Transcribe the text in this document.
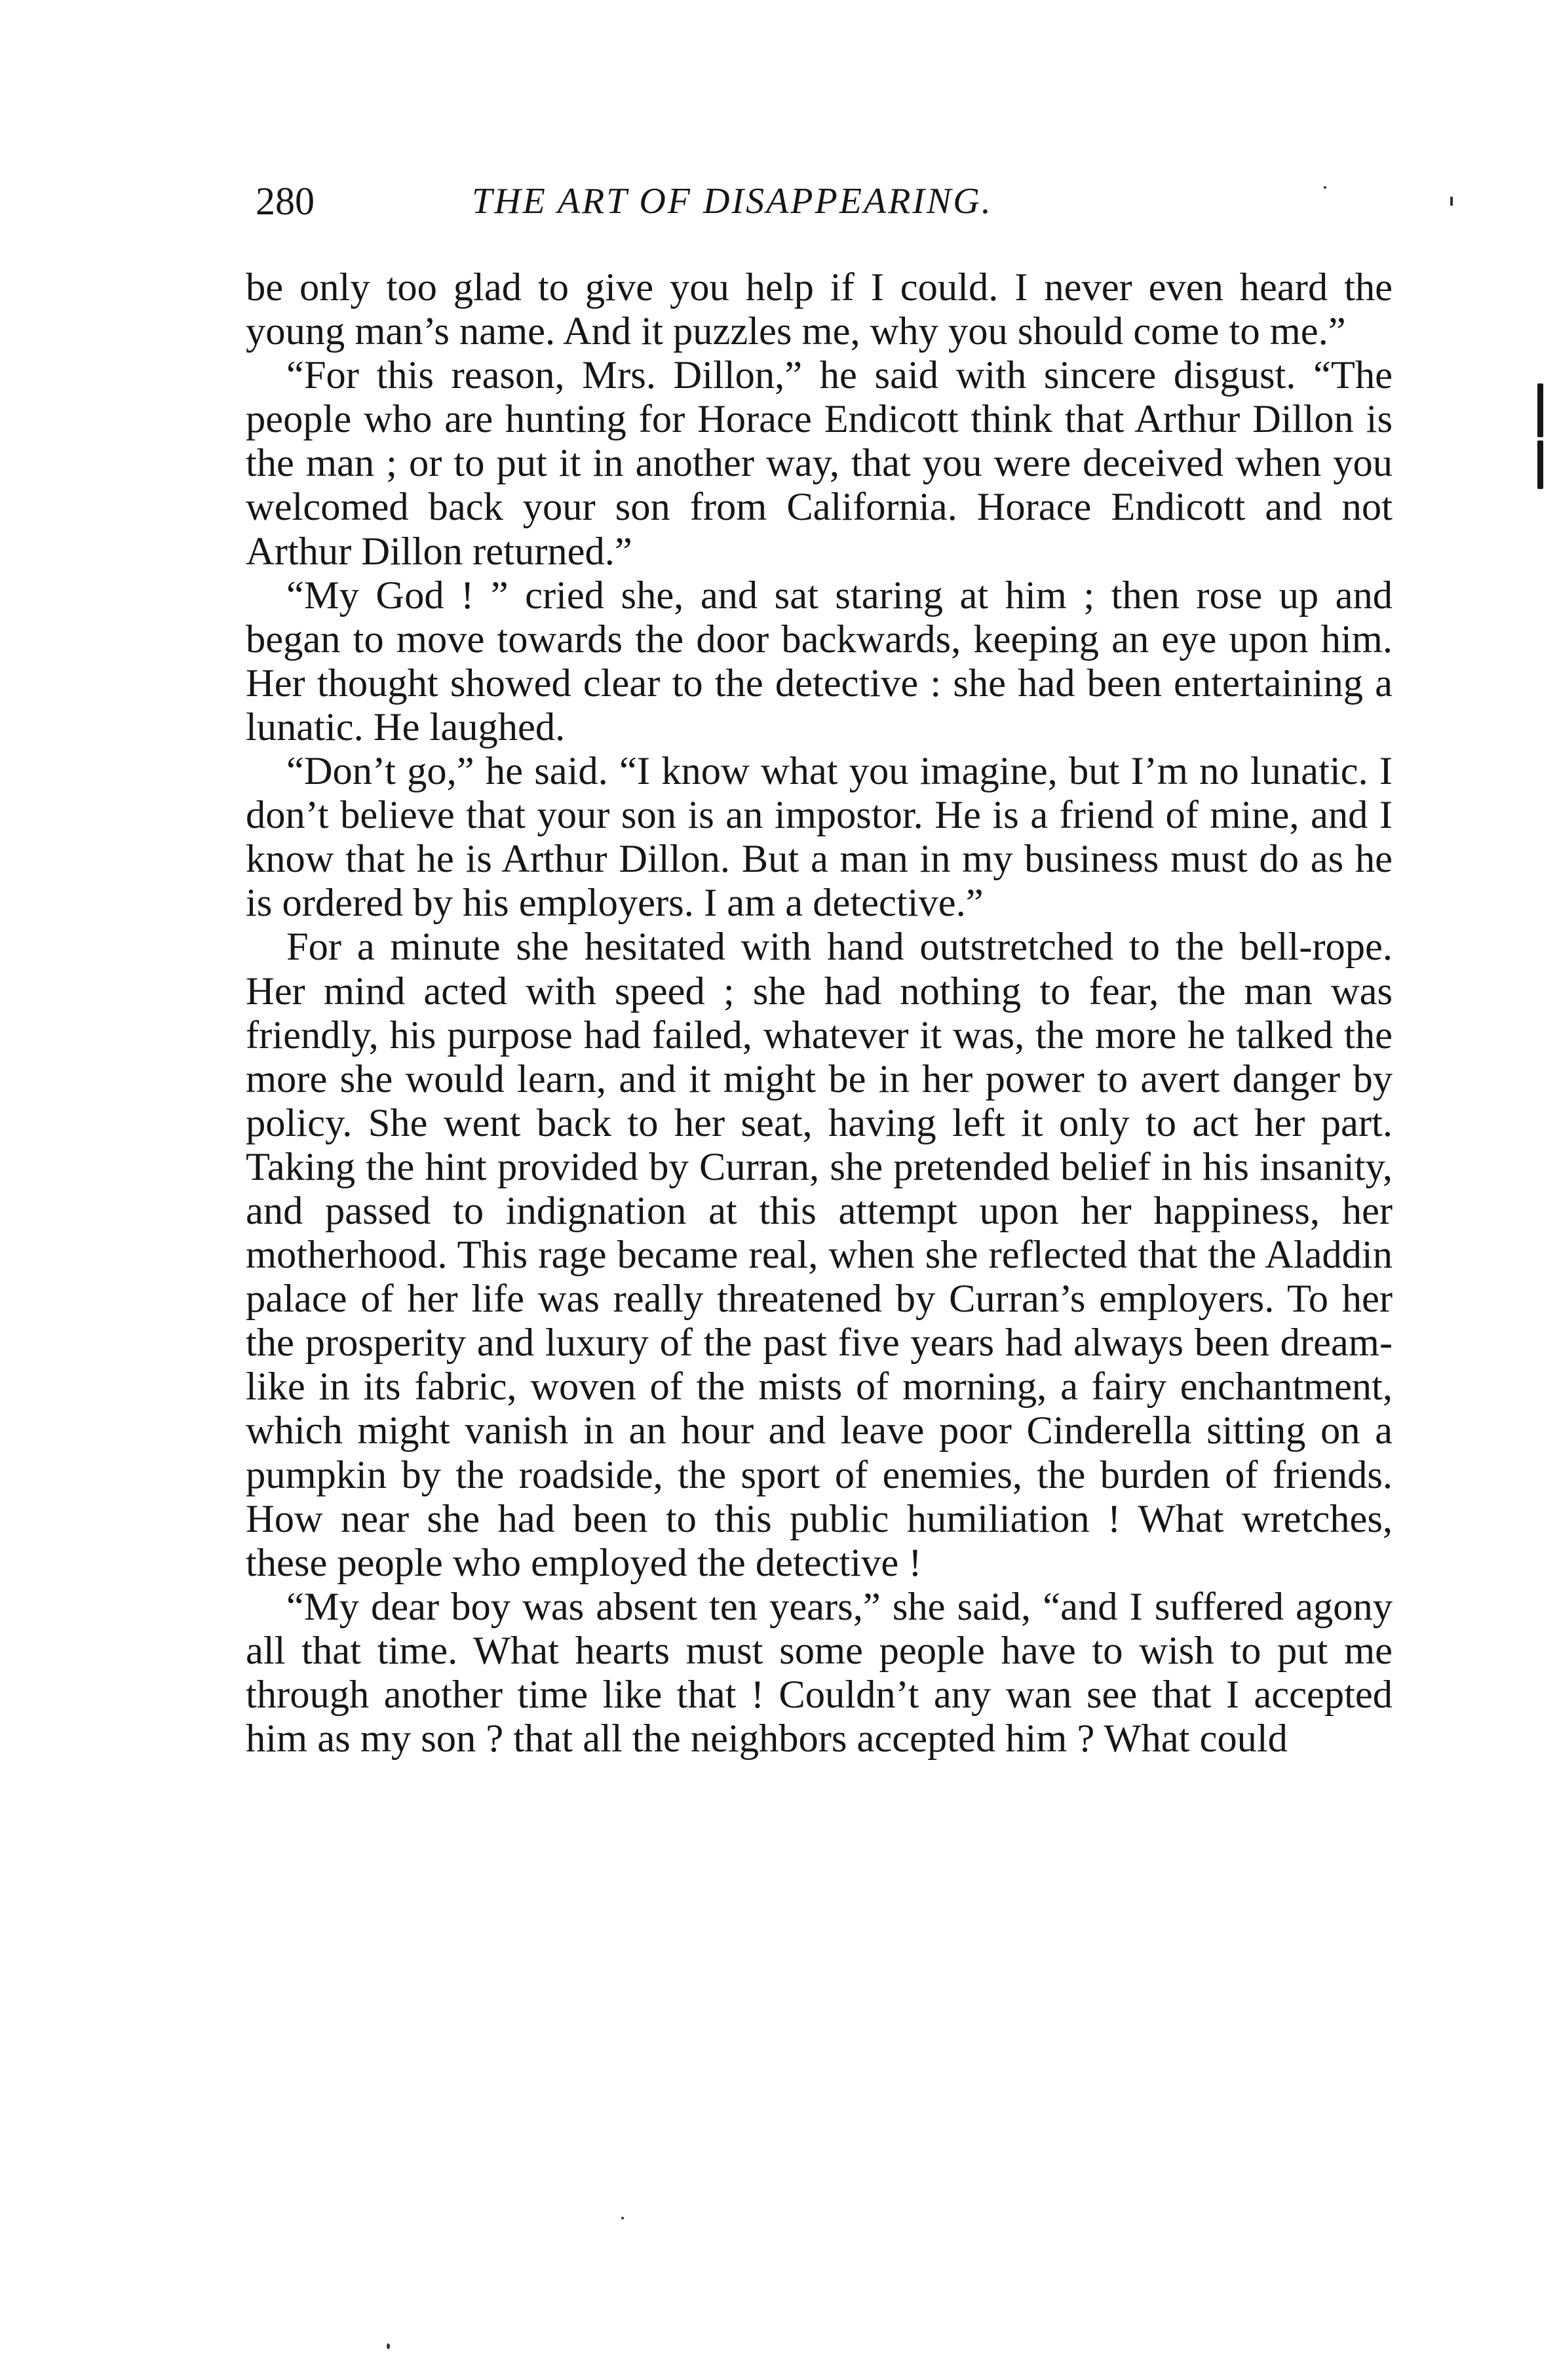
280	THE ART OF DISAPPEARING.

be only too glad to give you help if I could. I never even heard the young man’s name. And it puzzles me, why you should come to me.”

“For this reason, Mrs. Dillon,” he said with sincere disgust. “The people who are hunting for Horace Endicott think that Arthur Dillon is the man ; or to put it in another way, that you were deceived when you welcomed back your son from California. Horace Endicott and not Arthur Dillon returned.”

“My God ! ” cried she, and sat staring at him ; then rose up and began to move towards the door backwards, keeping an eye upon him. Her thought showed clear to the detective : she had been entertaining a lunatic. He laughed.

“Don’t go,” he said. “I know what you imagine, but I’m no lunatic. I don’t believe that your son is an impostor. He is a friend of mine, and I know that he is Arthur Dillon. But a man in my business must do as he is ordered by his employers. I am a detective.”

For a minute she hesitated with hand outstretched to the bell-rope. Her mind acted with speed ; she had nothing to fear, the man was friendly, his purpose had failed, whatever it was, the more he talked the more she would learn, and it might be in her power to avert danger by policy. She went back to her seat, having left it only to act her part. Taking the hint provided by Curran, she pretended belief in his insanity, and passed to indignation at this attempt upon her happiness, her motherhood. This rage became real, when she reflected that the Aladdin palace of her life was really threatened by Curran’s employers. To her the prosperity and luxury of the past five years had always been dream-like in its fabric, woven of the mists of morning, a fairy enchantment, which might vanish in an hour and leave poor Cinderella sitting on a pumpkin by the roadside, the sport of enemies, the burden of friends. How near she had been to this public humiliation ! What wretches, these people who employed the detective !

“My dear boy was absent ten years,” she said, “and I suffered agony all that time. What hearts must some people have to wish to put me through another time like that ! Couldn’t any wan see that I accepted him as my son ? that all the neighbors accepted him ? What could
